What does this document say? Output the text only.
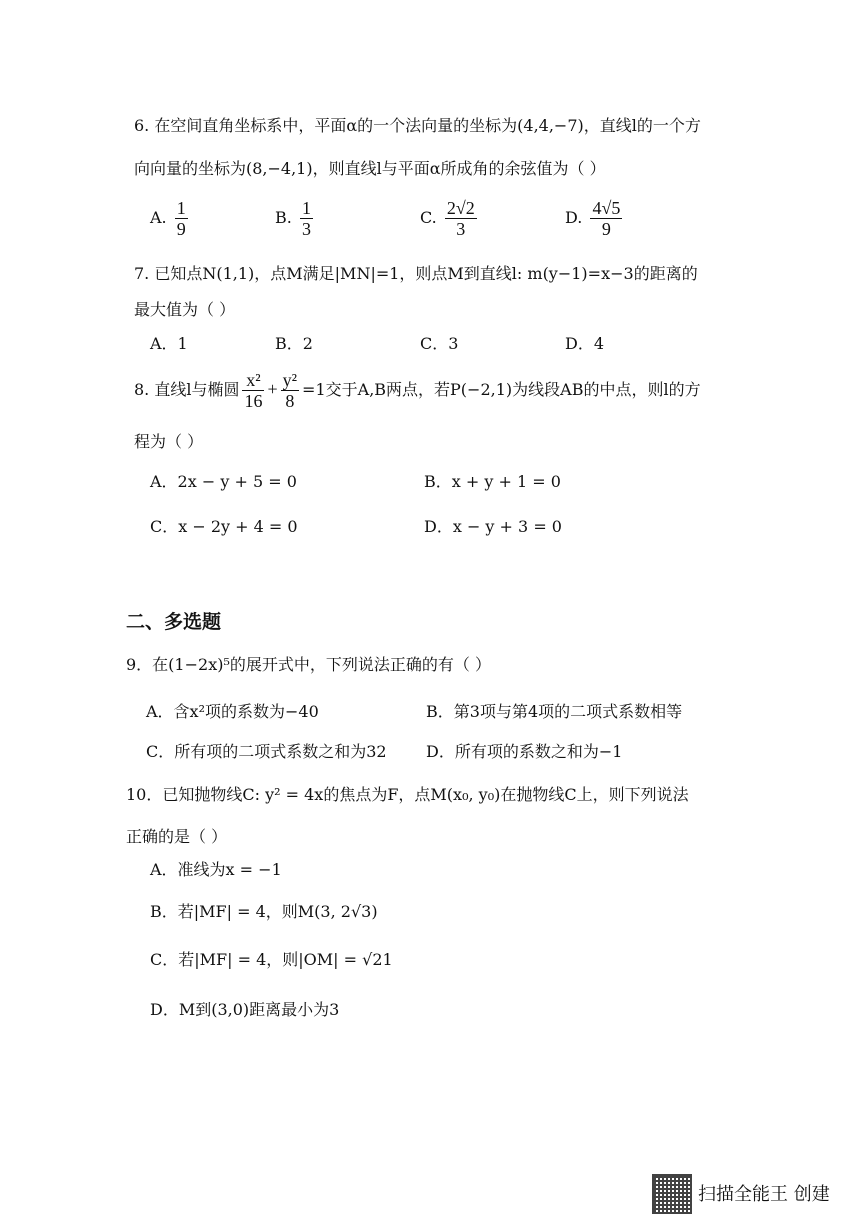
6. 在空间直角坐标系中，平面α的一个法向量的坐标为(4,4,−7)，直线l的一个方
向向量的坐标为(8,−4,1)，则直线l与平面α所成角的余弦值为（ ）
A. $\frac{1}{9}$	B. $\frac{1}{3}$	C. $\frac{2√2}{3}$	D. $\frac{4√5}{9}$
7. 已知点N(1,1)，点M满足|MN|=1，则点M到直线l: m(y−1)=x−3的距离的
最大值为（ ）
A．1	B．2	C．3	D．4
8. 直线l与椭圆 $\frac{\text{x²}}{16} + \frac{\text{y²}}{8} =1$交于A,B两点，若P(−2,1)为线段AB的中点，则l的方
程为（ ）
A．2x − y + 5 = 0	B．x + y + 1 = 0
C．x − 2y + 4 = 0	D．x − y + 3 = 0
二、多选题
9．在(1−2x)⁵的展开式中，下列说法正确的有（ ）
A．含x²项的系数为−40	B．第3项与第4项的二项式系数相等
C．所有项的二项式系数之和为32 D．所有项的系数之和为−1
10．已知抛物线C: y² = 4x的焦点为F，点M(x₀, y₀)在抛物线C上，则下列说法
正确的是（ ）
A．准线为x = −1
B．若|MF| = 4，则M(3, 2√3)
C．若|MF| = 4，则|OM| = √21
D．M到(3,0)距离最小为3
扫描全能王 创建
